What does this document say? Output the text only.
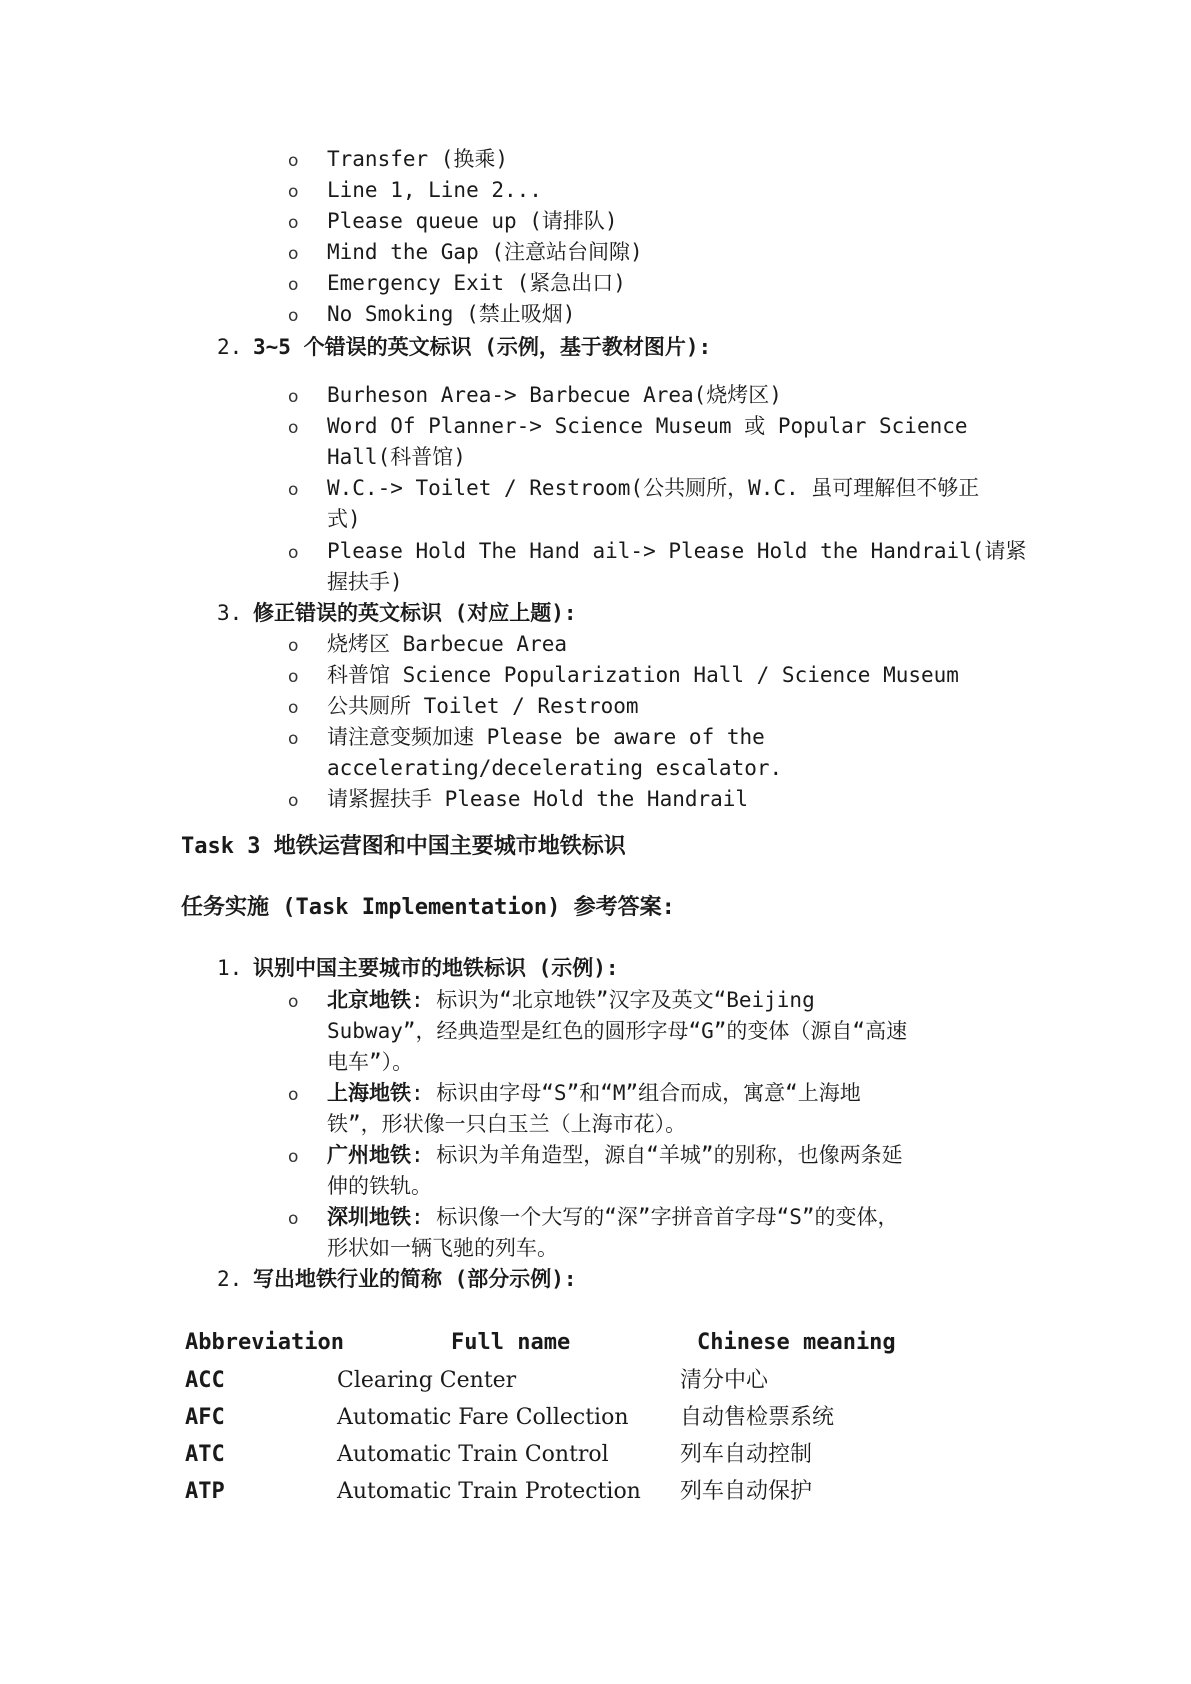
o Transfer (换乘)
o Line 1, Line 2...
o Please queue up (请排队)
o Mind the Gap (注意站台间隙)
o Emergency Exit (紧急出口)
o No Smoking (禁止吸烟)
2. 3~5 个错误的英文标识 (示例，基于教材图片):
o Burheson Area-> Barbecue Area(烧烤区)
o Word Of Planner-> Science Museum 或 Popular Science
Hall(科普馆)
o W.C.-> Toilet / Restroom(公共厕所，W.C. 虽可理解但不够正
式)
o Please Hold The Hand ail-> Please Hold the Handrail(请紧
握扶手)
3. 修正错误的英文标识 (对应上题):
o 烧烤区 Barbecue Area
o 科普馆 Science Popularization Hall / Science Museum
o 公共厕所 Toilet / Restroom
o 请注意变频加速 Please be aware of the
accelerating/decelerating escalator.
o 请紧握扶手 Please Hold the Handrail
Task 3 地铁运营图和中国主要城市地铁标识
任务实施 (Task Implementation) 参考答案:
1. 识别中国主要城市的地铁标识 (示例):
o 北京地铁: 标识为“北京地铁”汉字及英文“Beijing
Subway”，经典造型是红色的圆形字母“G”的变体（源自“高速
电车”）。
o 上海地铁: 标识由字母“S”和“M”组合而成，寓意“上海地
铁”，形状像一只白玉兰（上海市花）。
o 广州地铁: 标识为羊角造型，源自“羊城”的别称，也像两条延
伸的铁轨。
o 深圳地铁: 标识像一个大写的“深”字拼音首字母“S”的变体，
形状如一辆飞驰的列车。
2. 写出地铁行业的简称 (部分示例):
Abbreviation	Full name	Chinese meaning
ACC	Clearing Center	清分中心
AFC	Automatic Fare Collection 自动售检票系统
ATC	Automatic Train Control	列车自动控制
ATP	Automatic Train Protection 列车自动保护
